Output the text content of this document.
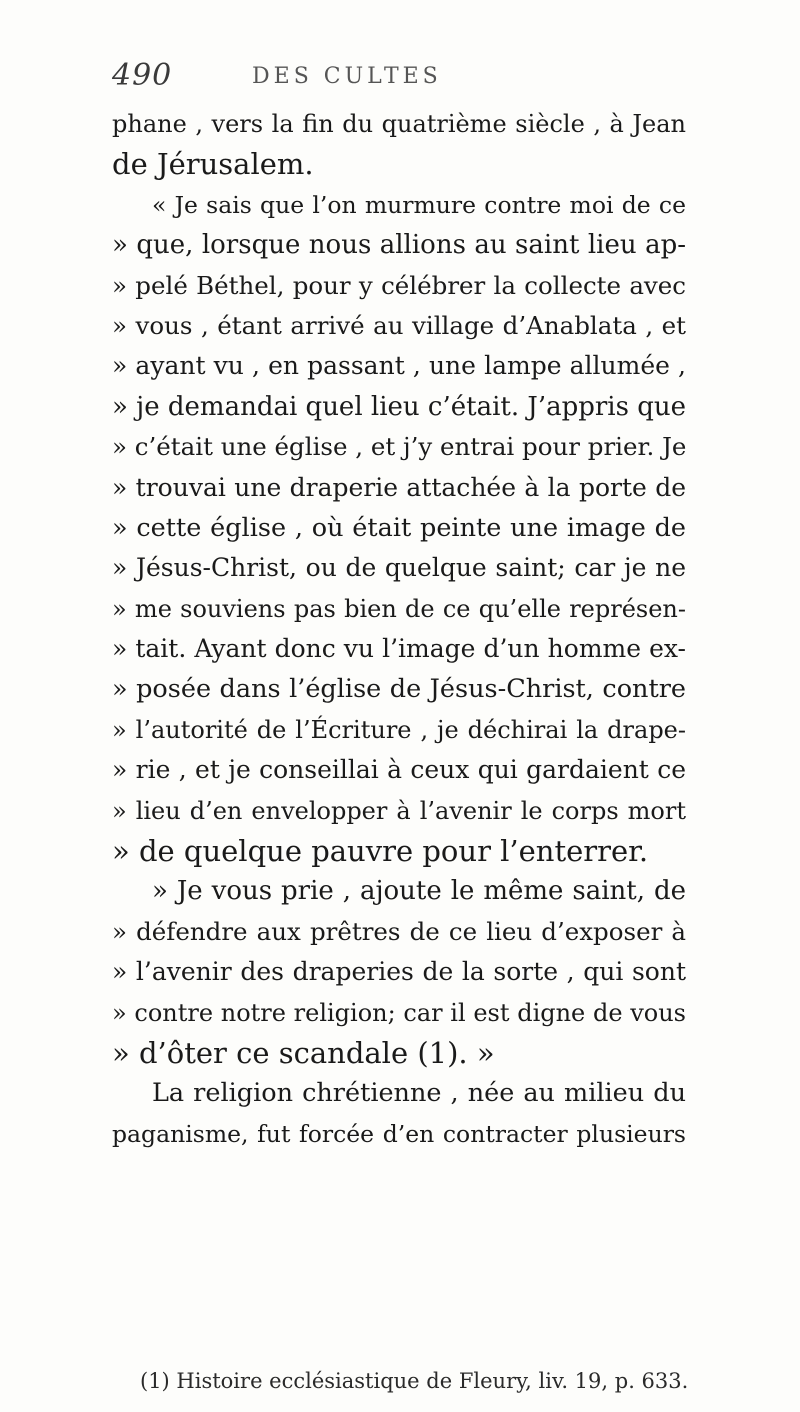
490	DES CULTES
phane , vers la fin du quatrième siècle , à Jean
de Jérusalem.
« Je sais que l’on murmure contre moi de ce
» que, lorsque nous allions au saint lieu ap-
» pelé Béthel, pour y célébrer la collecte avec
» vous , étant arrivé au village d’Anablata , et
» ayant vu , en passant , une lampe allumée ,
» je demandai quel lieu c’était. J’appris que
» c’était une église , et j’y entrai pour prier. Je
» trouvai une draperie attachée à la porte de
» cette église , où était peinte une image de
» Jésus-Christ, ou de quelque saint; car je ne
» me souviens pas bien de ce qu’elle représen-
» tait. Ayant donc vu l’image d’un homme ex-
» posée dans l’église de Jésus-Christ, contre
» l’autorité de l’Écriture , je déchirai la drape-
» rie , et je conseillai à ceux qui gardaient ce
» lieu d’en envelopper à l’avenir le corps mort
» de quelque pauvre pour l’enterrer.
» Je vous prie , ajoute le même saint, de
» défendre aux prêtres de ce lieu d’exposer à
» l’avenir des draperies de la sorte , qui sont
» contre notre religion; car il est digne de vous
» d’ôter ce scandale (1). »
La religion chrétienne , née au milieu du
paganisme, fut forcée d’en contracter plusieurs
(1) Histoire ecclésiastique de Fleury, liv. 19, p. 633.
